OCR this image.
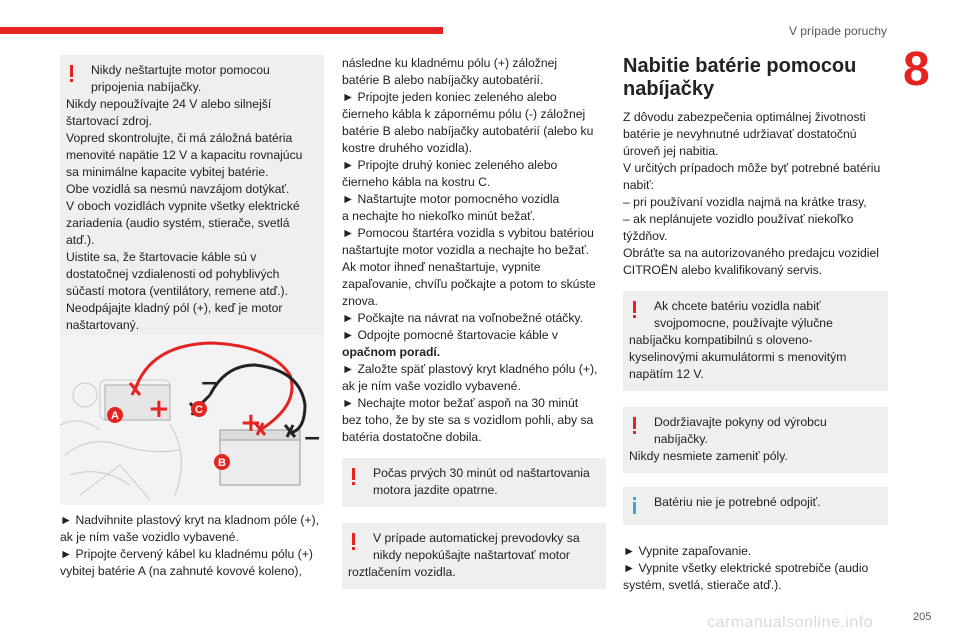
V prípade poruchy
8

Nikdy neštartujte motor pomocou

pripojenia nabíjačky.

Nikdy nepoužívajte 24 V alebo silnejší

štartovací zdroj.

Vopred skontrolujte, či má záložná batéria

menovité napätie 12 V a kapacitu rovnajúcu

sa minimálne kapacite vybitej batérie.

Obe vozidlá sa nesmú navzájom dotýkať.

V oboch vozidlách vypnite všetky elektrické

zariadenia (audio systém, stierače, svetlá

atď.).

Uistite sa, že štartovacie káble sú v

dostatočnej vzdialenosti od pohyblivých

súčastí motora (ventilátory, remene atď.).

Neodpájajte kladný pól (+), keď je motor

naštartovaný.

+	+
−
−
A	C
B

► Nadvihnite plastový kryt na kladnom póle (+),

ak je ním vaše vozidlo vybavené.

► Pripojte červený kábel ku kladnému pólu (+)

vybitej batérie A (na zahnuté kovové koleno),

následne ku kladnému pólu (+) záložnej

batérie B alebo nabíjačky autobatérií.

► Pripojte jeden koniec zeleného alebo

čierneho kábla k zápornému pólu (-) záložnej

batérie B alebo nabíjačky autobatérií (alebo ku

kostre druhého vozidla).

► Pripojte druhý koniec zeleného alebo

čierneho kábla na kostru C.

► Naštartujte motor pomocného vozidla

a nechajte ho niekoľko minút bežať.

► Pomocou štartéra vozidla s vybitou batériou

naštartujte motor vozidla a nechajte ho bežať.

Ak motor ihneď nenaštartuje, vypnite

zapaľovanie, chvíľu počkajte a potom to skúste

znova.

► Počkajte na návrat na voľnobežné otáčky.

► Odpojte pomocné štartovacie káble v

opačnom poradí.

► Založte späť plastový kryt kladného pólu (+),

ak je ním vaše vozidlo vybavené.

► Nechajte motor bežať aspoň na 30 minút

bez toho, že by ste sa s vozidlom pohli, aby sa

batéria dostatočne dobila.

Počas prvých 30 minút od naštartovania

motora jazdite opatrne.

V prípade automatickej prevodovky sa

nikdy nepokúšajte naštartovať motor

roztlačením vozidla.

Nabitie batérie pomocou
nabíjačky

Z dôvodu zabezpečenia optimálnej životnosti

batérie je nevyhnutné udržiavať dostatočnú

úroveň jej nabitia.

V určitých prípadoch môže byť potrebné batériu

nabiť:

– pri používaní vozidla najmä na krátke trasy,

– ak neplánujete vozidlo používať niekoľko

týždňov.

Obráťte sa na autorizovaného predajcu vozidiel

CITROËN alebo kvalifikovaný servis.

Ak chcete batériu vozidla nabiť

svojpomocne, používajte výlučne

nabíjačku kompatibilnú s oloveno-

kyselinovými akumulátormi s menovitým

napätím 12 V.

Dodržiavajte pokyny od výrobcu

nabíjačky.

Nikdy nesmiete zameniť póly.

Batériu nie je potrebné odpojiť.

► Vypnite zapaľovanie.

► Vypnite všetky elektrické spotrebiče (audio

systém, svetlá, stierače atď.).

carmanualsonline.info	205
